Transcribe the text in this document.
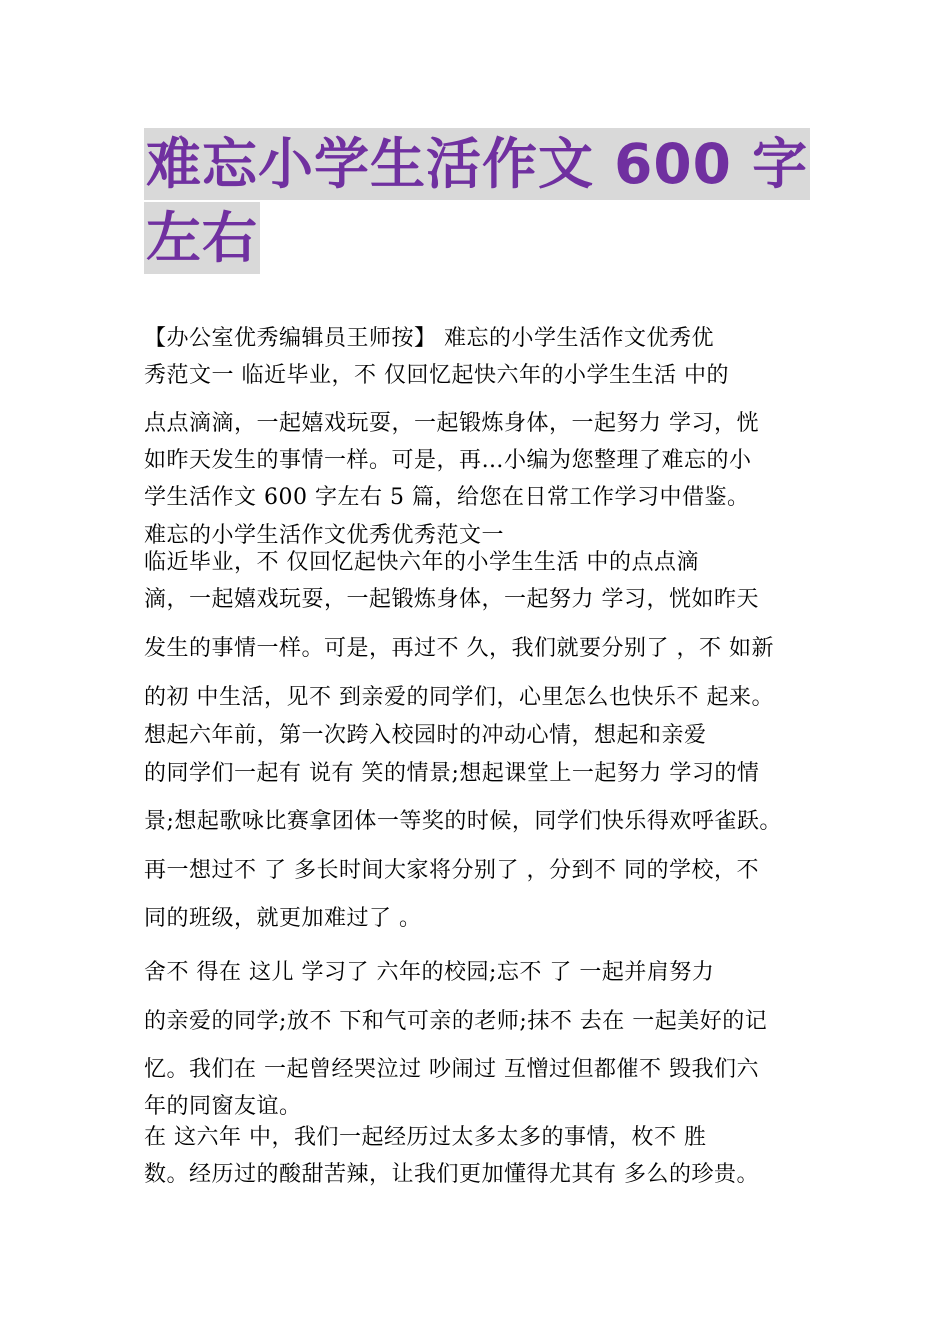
难忘小学生活作文 600 字
左右
【办公室优秀编辑员王师按】 难忘的小学生活作文优秀优
秀范文一 临近毕业，不 仅回忆起快六年的小学生生活 中的
点点滴滴，一起嬉戏玩耍，一起锻炼身体，一起努力 学习，恍
如昨天发生的事情一样。可是，再…小编为您整理了难忘的小
学生活作文 600 字左右 5 篇，给您在日常工作学习中借鉴。
难忘的小学生活作文优秀优秀范文一
临近毕业，不 仅回忆起快六年的小学生生活 中的点点滴
滴，一起嬉戏玩耍，一起锻炼身体，一起努力 学习，恍如昨天
发生的事情一样。可是，再过不 久，我们就要分别了 ，不 如新
的初 中生活，见不 到亲爱的同学们，心里怎么也快乐不 起来。
想起六年前，第一次跨入校园时的冲动心情，想起和亲爱
的同学们一起有 说有 笑的情景;想起课堂上一起努力 学习的情
景;想起歌咏比赛拿团体一等奖的时候，同学们快乐得欢呼雀跃。
再一想过不 了 多长时间大家将分别了 ，分到不 同的学校，不
同的班级，就更加难过了 。
舍不 得在 这儿 学习了 六年的校园;忘不 了 一起并肩努力
的亲爱的同学;放不 下和气可亲的老师;抹不 去在 一起美好的记
忆。我们在 一起曾经哭泣过 吵闹过 互憎过但都催不 毁我们六
年的同窗友谊。
在 这六年 中，我们一起经历过太多太多的事情，枚不 胜
数。经历过的酸甜苦辣，让我们更加懂得尤其有 多么的珍贵。
